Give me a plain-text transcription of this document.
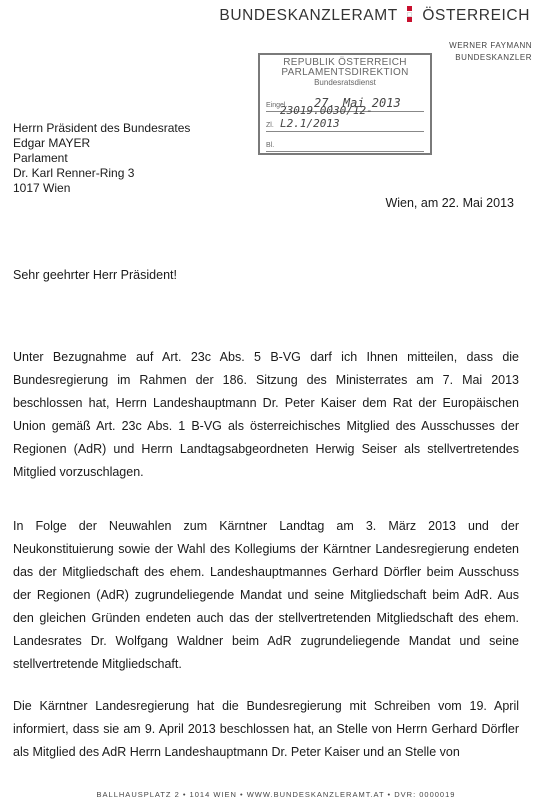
BUNDESKANZLERAMT ÖSTERREICH
WERNER FAYMANN
BUNDESKANZLER
REPUBLIK ÖSTERREICH
PARLAMENTSDIREKTION
Bundesratsdienst
Eingel. 27. Mai 2013
Zl.
23019.0030/12-L2.1/2013
Bl.
Herrn Präsident des Bundesrates
Edgar MAYER
Parlament
Dr. Karl Renner-Ring 3
1017 Wien
Wien, am 22. Mai 2013
Sehr geehrter Herr Präsident!
Unter Bezugnahme auf Art. 23c Abs. 5 B-VG darf ich Ihnen mitteilen, dass die Bundesregierung im Rahmen der 186. Sitzung des Ministerrates am 7. Mai 2013 beschlossen hat, Herrn Landeshauptmann Dr. Peter Kaiser dem Rat der Europäischen Union gemäß Art. 23c Abs. 1 B-VG als österreichisches Mitglied des Ausschusses der Regionen (AdR) und Herrn Landtagsabgeordneten Herwig Seiser als stellvertretendes Mitglied vorzuschlagen.
In Folge der Neuwahlen zum Kärntner Landtag am 3. März 2013 und der Neukonstituierung sowie der Wahl des Kollegiums der Kärntner Landesregierung endeten das der Mitgliedschaft des ehem. Landeshauptmannes Gerhard Dörfler beim Ausschuss der Regionen (AdR) zugrundeliegende Mandat und seine Mitgliedschaft beim AdR. Aus den gleichen Gründen endeten auch das der stellvertretenden Mitgliedschaft des ehem. Landesrates Dr. Wolfgang Waldner beim AdR zugrundeliegende Mandat und seine stellvertretende Mitgliedschaft.
Die Kärntner Landesregierung hat die Bundesregierung mit Schreiben vom 19. April informiert, dass sie am 9. April 2013 beschlossen hat, an Stelle von Herrn Gerhard Dörfler als Mitglied des AdR Herrn Landeshauptmann Dr. Peter Kaiser und an Stelle von
BALLHAUSPLATZ 2 • 1014 WIEN • WWW.BUNDESKANZLERAMT.AT • DVR: 0000019
